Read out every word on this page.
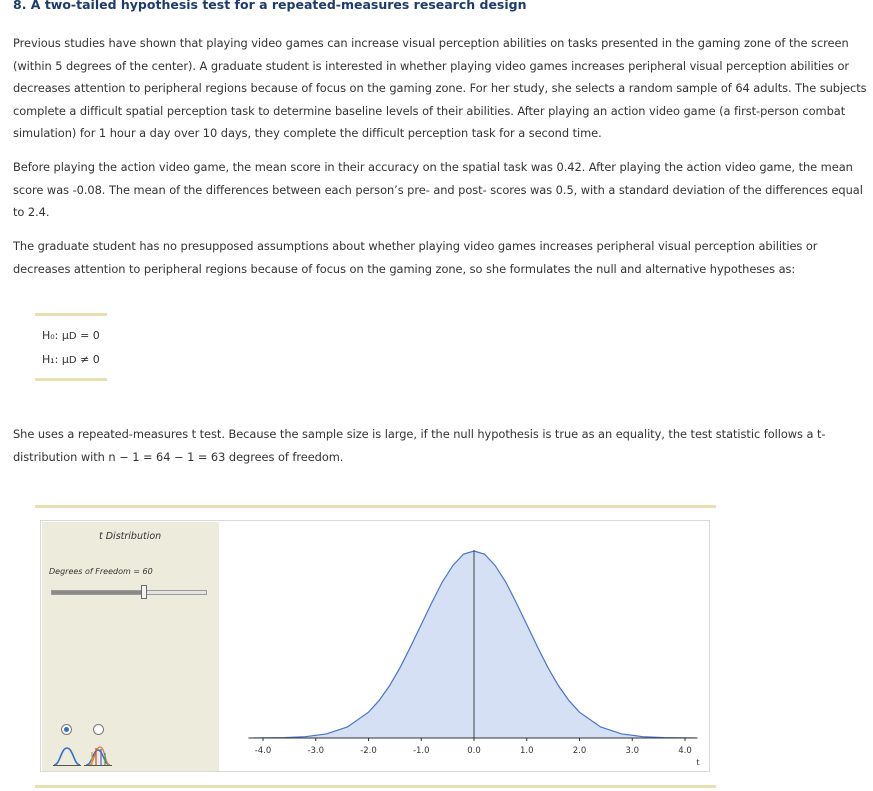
8. A two-tailed hypothesis test for a repeated-measures research design

Previous studies have shown that playing video games can increase visual perception abilities on tasks presented in the gaming zone of the screen (within 5 degrees of the center). A graduate student is interested in whether playing video games increases peripheral visual perception abilities or decreases attention to peripheral regions because of focus on the gaming zone. For her study, she selects a random sample of 64 adults. The subjects complete a difficult spatial perception task to determine baseline levels of their abilities. After playing an action video game (a first-person combat simulation) for 1 hour a day over 10 days, they complete the difficult perception task for a second time.

Before playing the action video game, the mean score in their accuracy on the spatial task was 0.42. After playing the action video game, the mean score was -0.08. The mean of the differences between each person’s pre- and post- scores was 0.5, with a standard deviation of the differences equal to 2.4.

The graduate student has no presupposed assumptions about whether playing video games increases peripheral visual perception abilities or decreases attention to peripheral regions because of focus on the gaming zone, so she formulates the null and alternative hypotheses as:

H₀: μD = 0

H₁: μD ≠ 0

She uses a repeated-measures t test. Because the sample size is large, if the null hypothesis is true as an equality, the test statistic follows a t-distribution with n − 1 = 64 − 1 = 63 degrees of freedom.

t Distribution
Degrees of Freedom = 60
-4.0	-3.0	-2.0	-1.0	0.0	1.0	2.0	3.0	4.0
t
